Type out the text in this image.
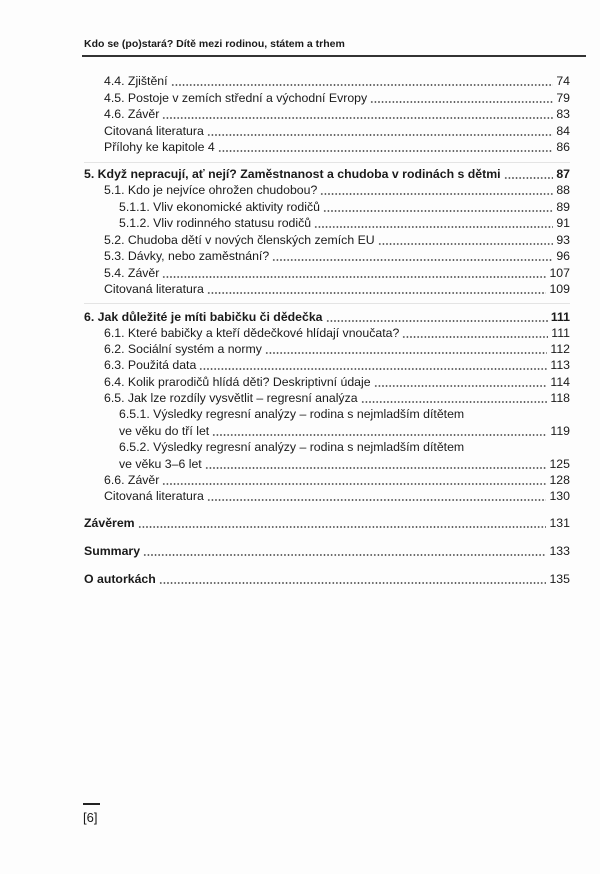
Kdo se (po)stará? Dítě mezi rodinou, státem a trhem
4.4. Zjištění	74
4.5. Postoje v zemích střední a východní Evropy	79
4.6. Závěr	83
Citovaná literatura	84
Přílohy ke kapitole 4	86
5. Když nepracují, ať nejí? Zaměstnanost a chudoba v rodinách s dětmi	87
5.1. Kdo je nejvíce ohrožen chudobou?	88
5.1.1. Vliv ekonomické aktivity rodičů	89
5.1.2. Vliv rodinného statusu rodičů	91
5.2. Chudoba dětí v nových členských zemích EU	93
5.3. Dávky, nebo zaměstnání?	96
5.4. Závěr	107
Citovaná literatura	109
6. Jak důležité je míti babičku či dědečka	111
6.1. Které babičky a kteří dědečkové hlídají vnoučata?	111
6.2. Sociální systém a normy	112
6.3. Použitá data	113
6.4. Kolik prarodičů hlídá děti? Deskriptivní údaje	114
6.5. Jak lze rozdíly vysvětlit – regresní analýza	118
6.5.1. Výsledky regresní analýzy – rodina s nejmladším dítětem
ve věku do tří let	119
6.5.2. Výsledky regresní analýzy – rodina s nejmladším dítětem
ve věku 3–6 let	125
6.6. Závěr	128
Citovaná literatura	130
Závěrem	131
Summary	133
O autorkách	135
[6]
